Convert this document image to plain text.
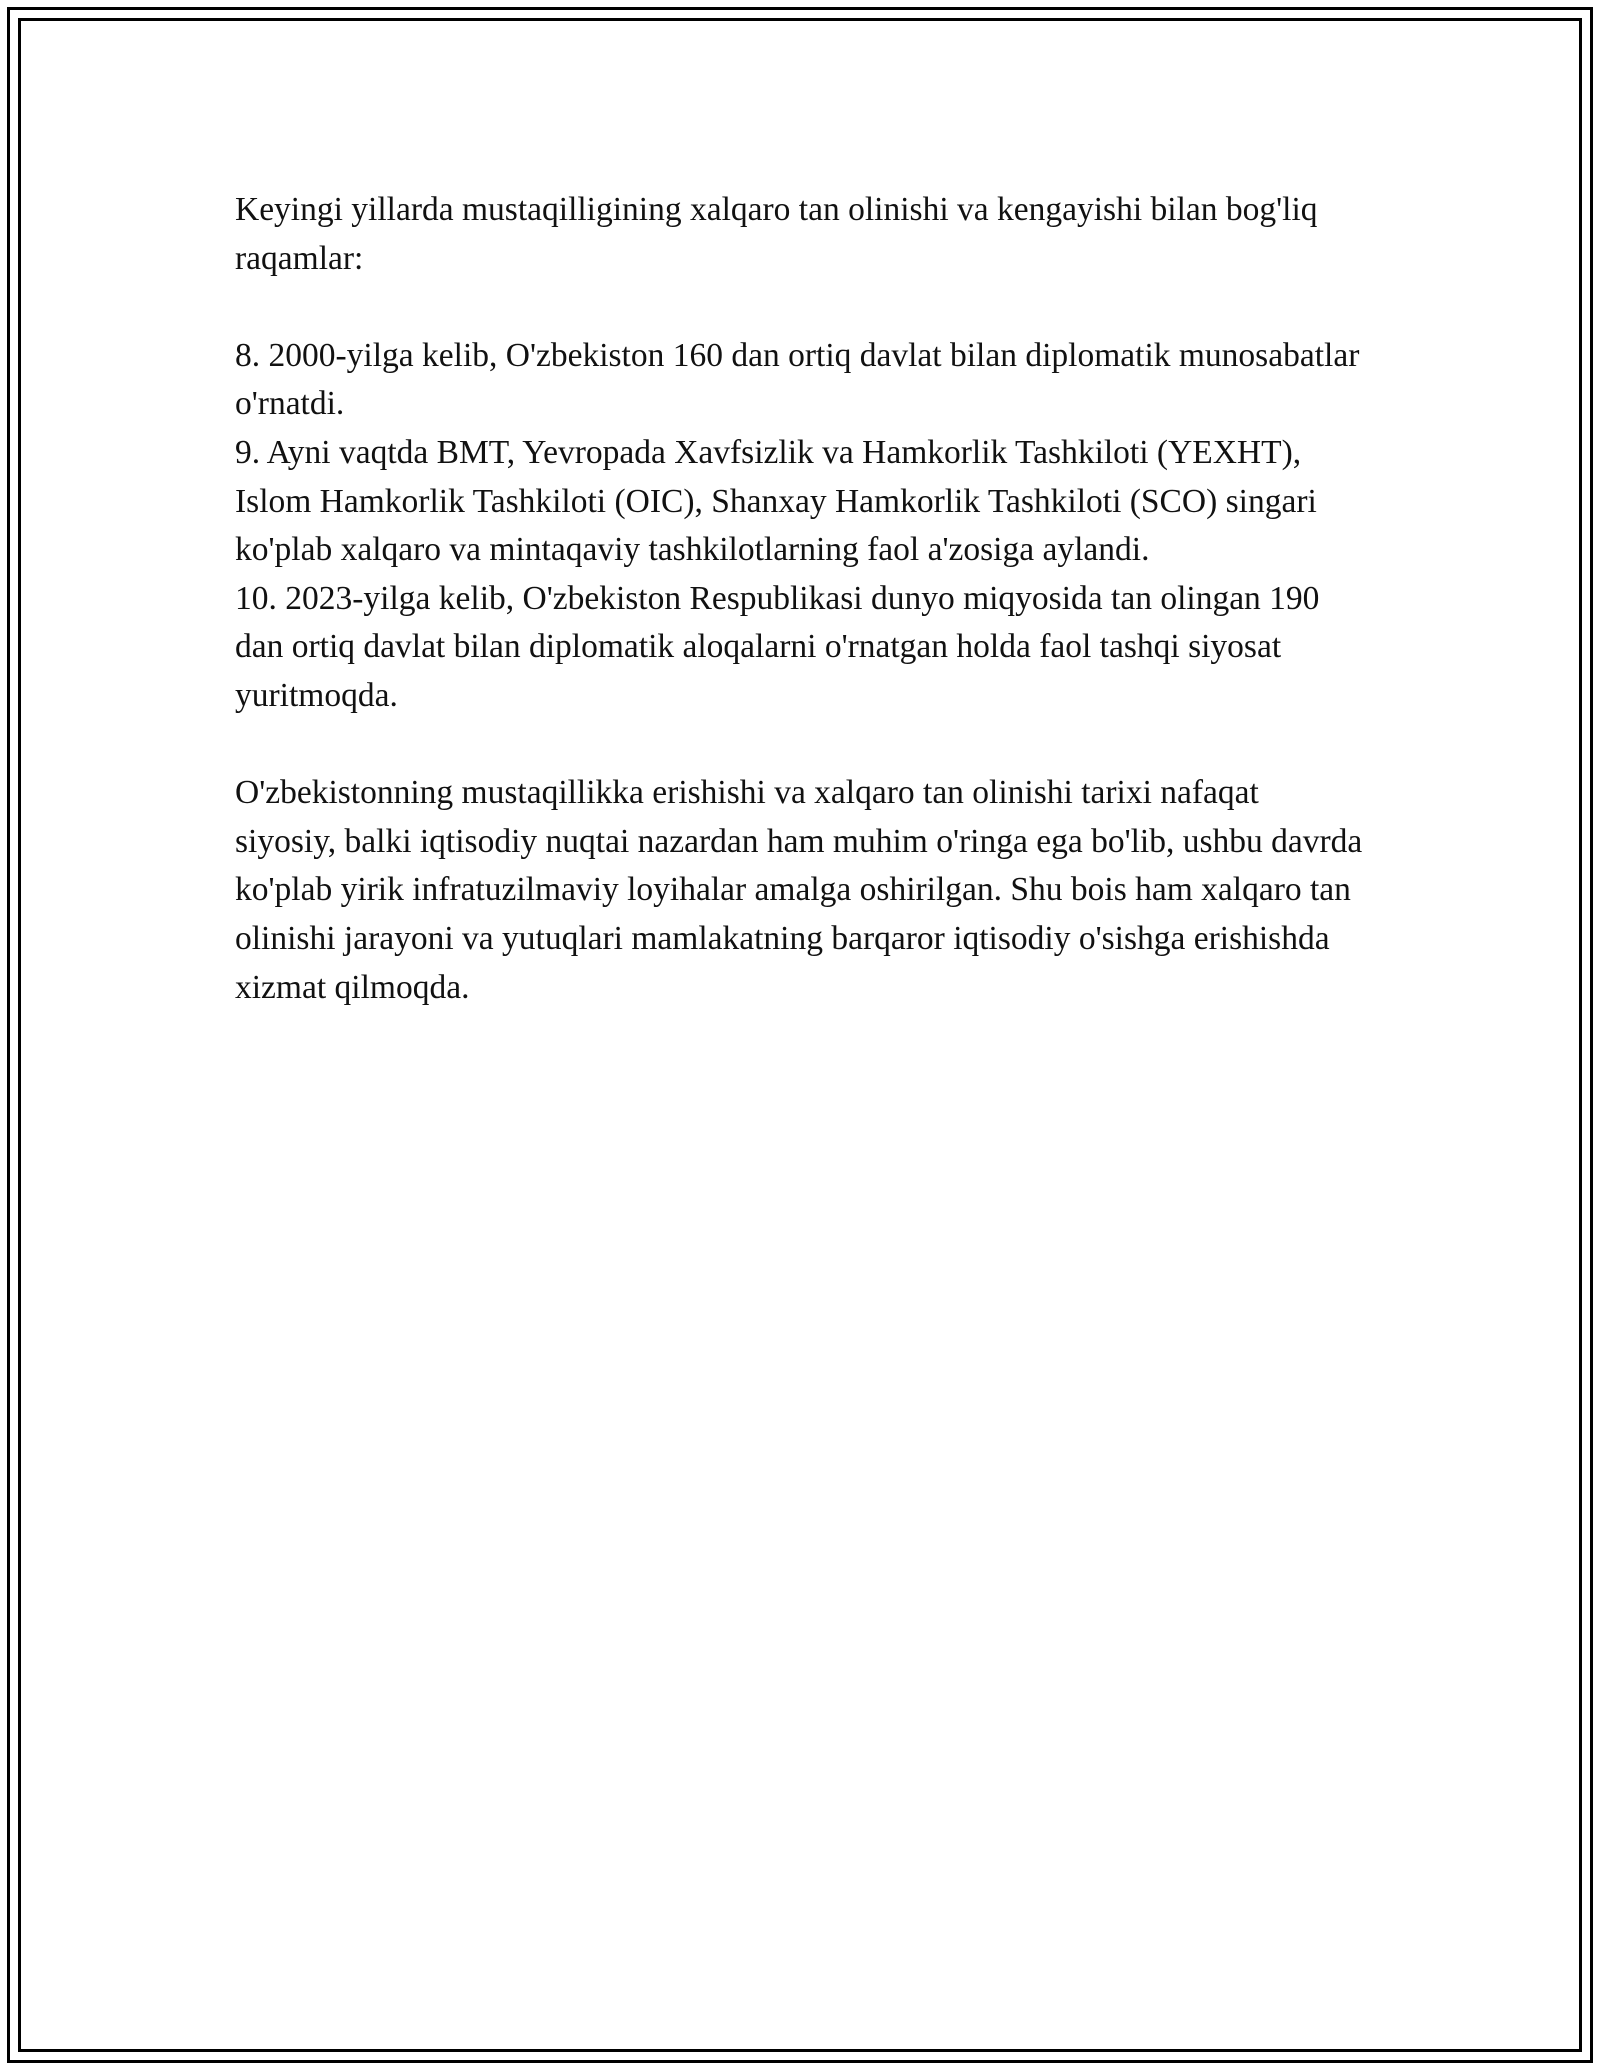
Keyingi yillarda mustaqilligining xalqaro tan olinishi va kengayishi bilan bog'liq raqamlar:

8. 2000-yilga kelib, O'zbekiston 160 dan ortiq davlat bilan diplomatik munosabatlar o'rnatdi.

9. Ayni vaqtda BMT, Yevropada Xavfsizlik va Hamkorlik Tashkiloti (YEXHT), Islom Hamkorlik Tashkiloti (OIC), Shanxay Hamkorlik Tashkiloti (SCO) singari ko'plab xalqaro va mintaqaviy tashkilotlarning faol a'zosiga aylandi.

10. 2023-yilga kelib, O'zbekiston Respublikasi dunyo miqyosida tan olingan 190 dan ortiq davlat bilan diplomatik aloqalarni o'rnatgan holda faol tashqi siyosat yuritmoqda.

O'zbekistonning mustaqillikka erishishi va xalqaro tan olinishi tarixi nafaqat siyosiy, balki iqtisodiy nuqtai nazardan ham muhim o'ringa ega bo'lib, ushbu davrda ko'plab yirik infratuzilmaviy loyihalar amalga oshirilgan. Shu bois ham xalqaro tan olinishi jarayoni va yutuqlari mamlakatning barqaror iqtisodiy o'sishga erishishda xizmat qilmoqda.
